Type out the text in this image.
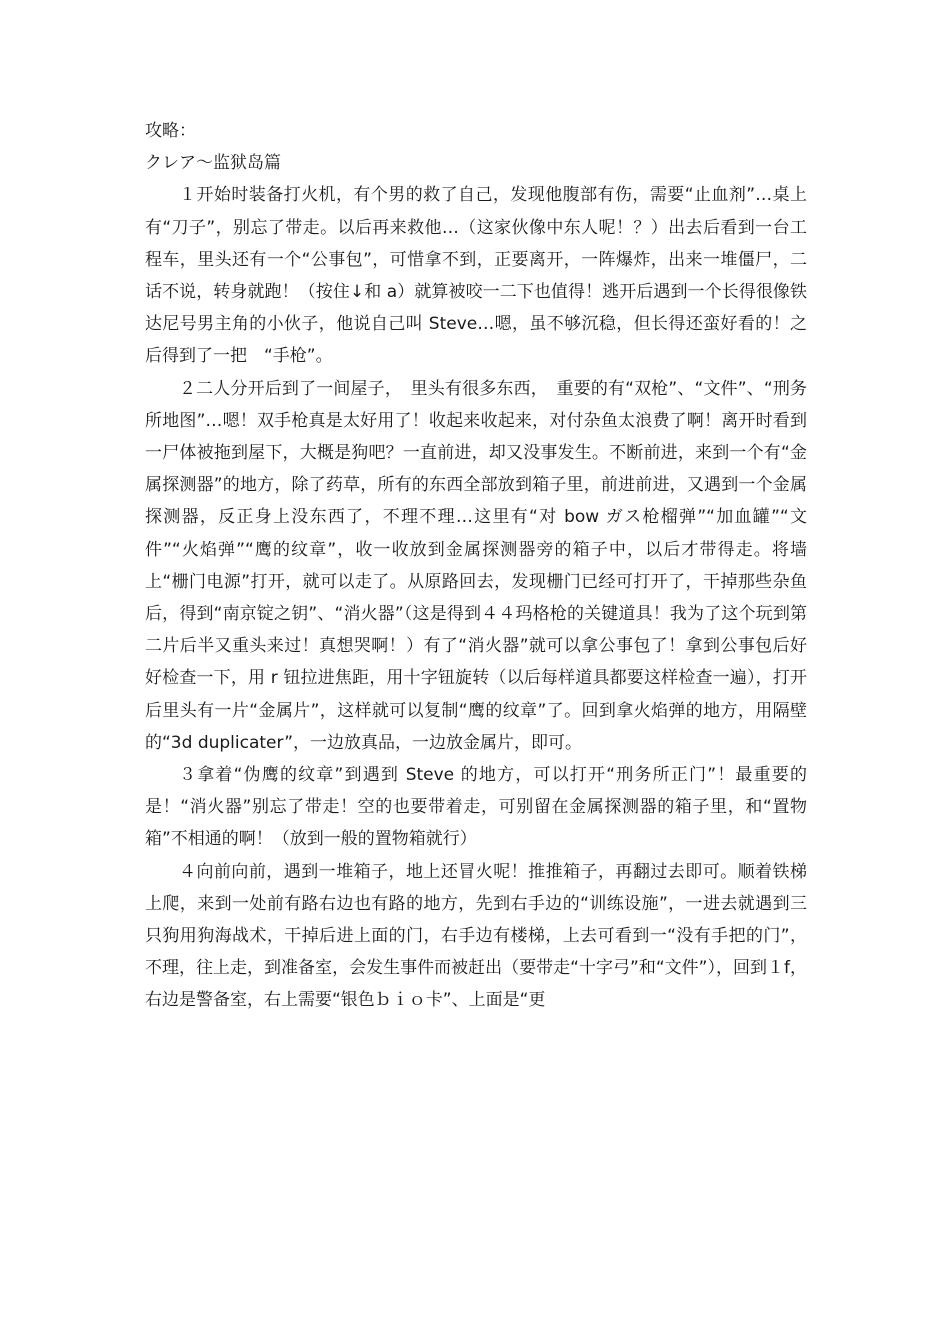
攻略：

クレア～监狱岛篇

１开始时装备打火机，有个男的救了自己，发现他腹部有伤，需要“止血剂”…桌上有“刀子”，别忘了带走。以后再来救他…（这家伙像中东人呢！？）出去后看到一台工程车，里头还有一个“公事包”，可惜拿不到，正要离开，一阵爆炸，出来一堆僵尸，二话不说，转身就跑！（按住↓和 a）就算被咬一二下也值得！逃开后遇到一个长得很像铁达尼号男主角的小伙子，他说自己叫 Steve…嗯，虽不够沉稳，但长得还蛮好看的！之后得到了一把　“手枪”。

２二人分开后到了一间屋子，　里头有很多东西，　重要的有“双枪”、“文件”、“刑务所地图”…嗯！双手枪真是太好用了！收起来收起来，对付杂鱼太浪费了啊！离开时看到一尸体被拖到屋下，大概是狗吧？一直前进，却又没事发生。不断前进，来到一个有“金属探测器”的地方，除了药草，所有的东西全部放到箱子里，前进前进，又遇到一个金属探测器，反正身上没东西了，不理不理…这里有“对 bow ガス枪榴弹”“加血罐”“文件”“火焰弹”“鹰的纹章”，收一收放到金属探测器旁的箱子中，以后才带得走。将墙上“栅门电源”打开，就可以走了。从原路回去，发现栅门已经可打开了，干掉那些杂鱼后，得到“南京锭之钥”、“消火器”（这是得到４４玛格枪的关键道具！我为了这个玩到第二片后半又重头来过！真想哭啊！）有了“消火器”就可以拿公事包了！拿到公事包后好好检查一下，用 r 钮拉进焦距，用十字钮旋转（以后每样道具都要这样检查一遍），打开后里头有一片“金属片”，这样就可以复制“鹰的纹章”了。回到拿火焰弹的地方，用隔壁的“3d duplicater”，一边放真品，一边放金属片，即可。

３拿着“伪鹰的纹章”到遇到 Steve 的地方，可以打开“刑务所正门”！最重要的是！“消火器”别忘了带走！空的也要带着走，可别留在金属探测器的箱子里，和“置物箱”不相通的啊！（放到一般的置物箱就行）

４向前向前，遇到一堆箱子，地上还冒火呢！推推箱子，再翻过去即可。顺着铁梯上爬，来到一处前有路右边也有路的地方，先到右手边的“训练设施”，一进去就遇到三只狗用狗海战术，干掉后进上面的门，右手边有楼梯，上去可看到一“没有手把的门”，不理，往上走，到准备室，会发生事件而被赶出（要带走“十字弓”和“文件”），回到１f，右边是警备室，右上需要“银色ｂｉｏ卡”、上面是“更
